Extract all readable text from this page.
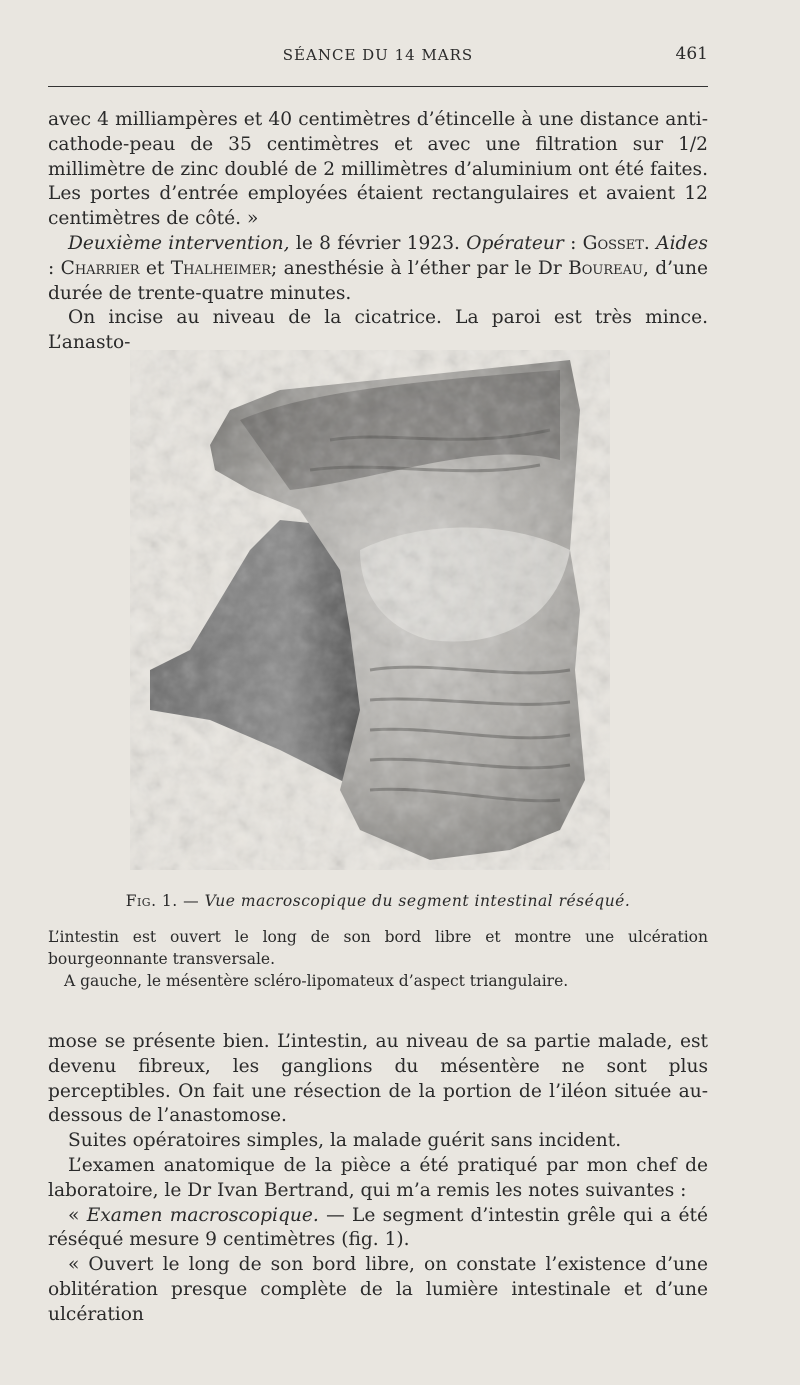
SÉANCE DU 14 MARS	461

avec 4 milliampères et 40 centimètres d’étincelle à une distance anti-cathode-peau de 35 centimètres et avec une filtration sur 1/2 millimètre de zinc doublé de 2 millimètres d’aluminium ont été faites. Les portes d’entrée employées étaient rectangulaires et avaient 12 centimètres de côté. »

Deuxième intervention, le 8 février 1923. Opérateur : Gosset. Aides : Charrier et Thalheimer; anesthésie à l’éther par le Dr Boureau, d’une durée de trente-quatre minutes.

On incise au niveau de la cicatrice. La paroi est très mince. L’anasto-

Fig. 1. — Vue macroscopique du segment intestinal réséqué.

L’intestin est ouvert le long de son bord libre et montre une ulcération bourgeonnante transversale.

A gauche, le mésentère scléro-lipomateux d’aspect triangulaire.

mose se présente bien. L’intestin, au niveau de sa partie malade, est devenu fibreux, les ganglions du mésentère ne sont plus perceptibles. On fait une résection de la portion de l’iléon située au-dessous de l’anastomose.

Suites opératoires simples, la malade guérit sans incident.

L’examen anatomique de la pièce a été pratiqué par mon chef de laboratoire, le Dr Ivan Bertrand, qui m’a remis les notes suivantes :

« Examen macroscopique. — Le segment d’intestin grêle qui a été réséqué mesure 9 centimètres (fig. 1).

« Ouvert le long de son bord libre, on constate l’existence d’une oblitération presque complète de la lumière intestinale et d’une ulcération
